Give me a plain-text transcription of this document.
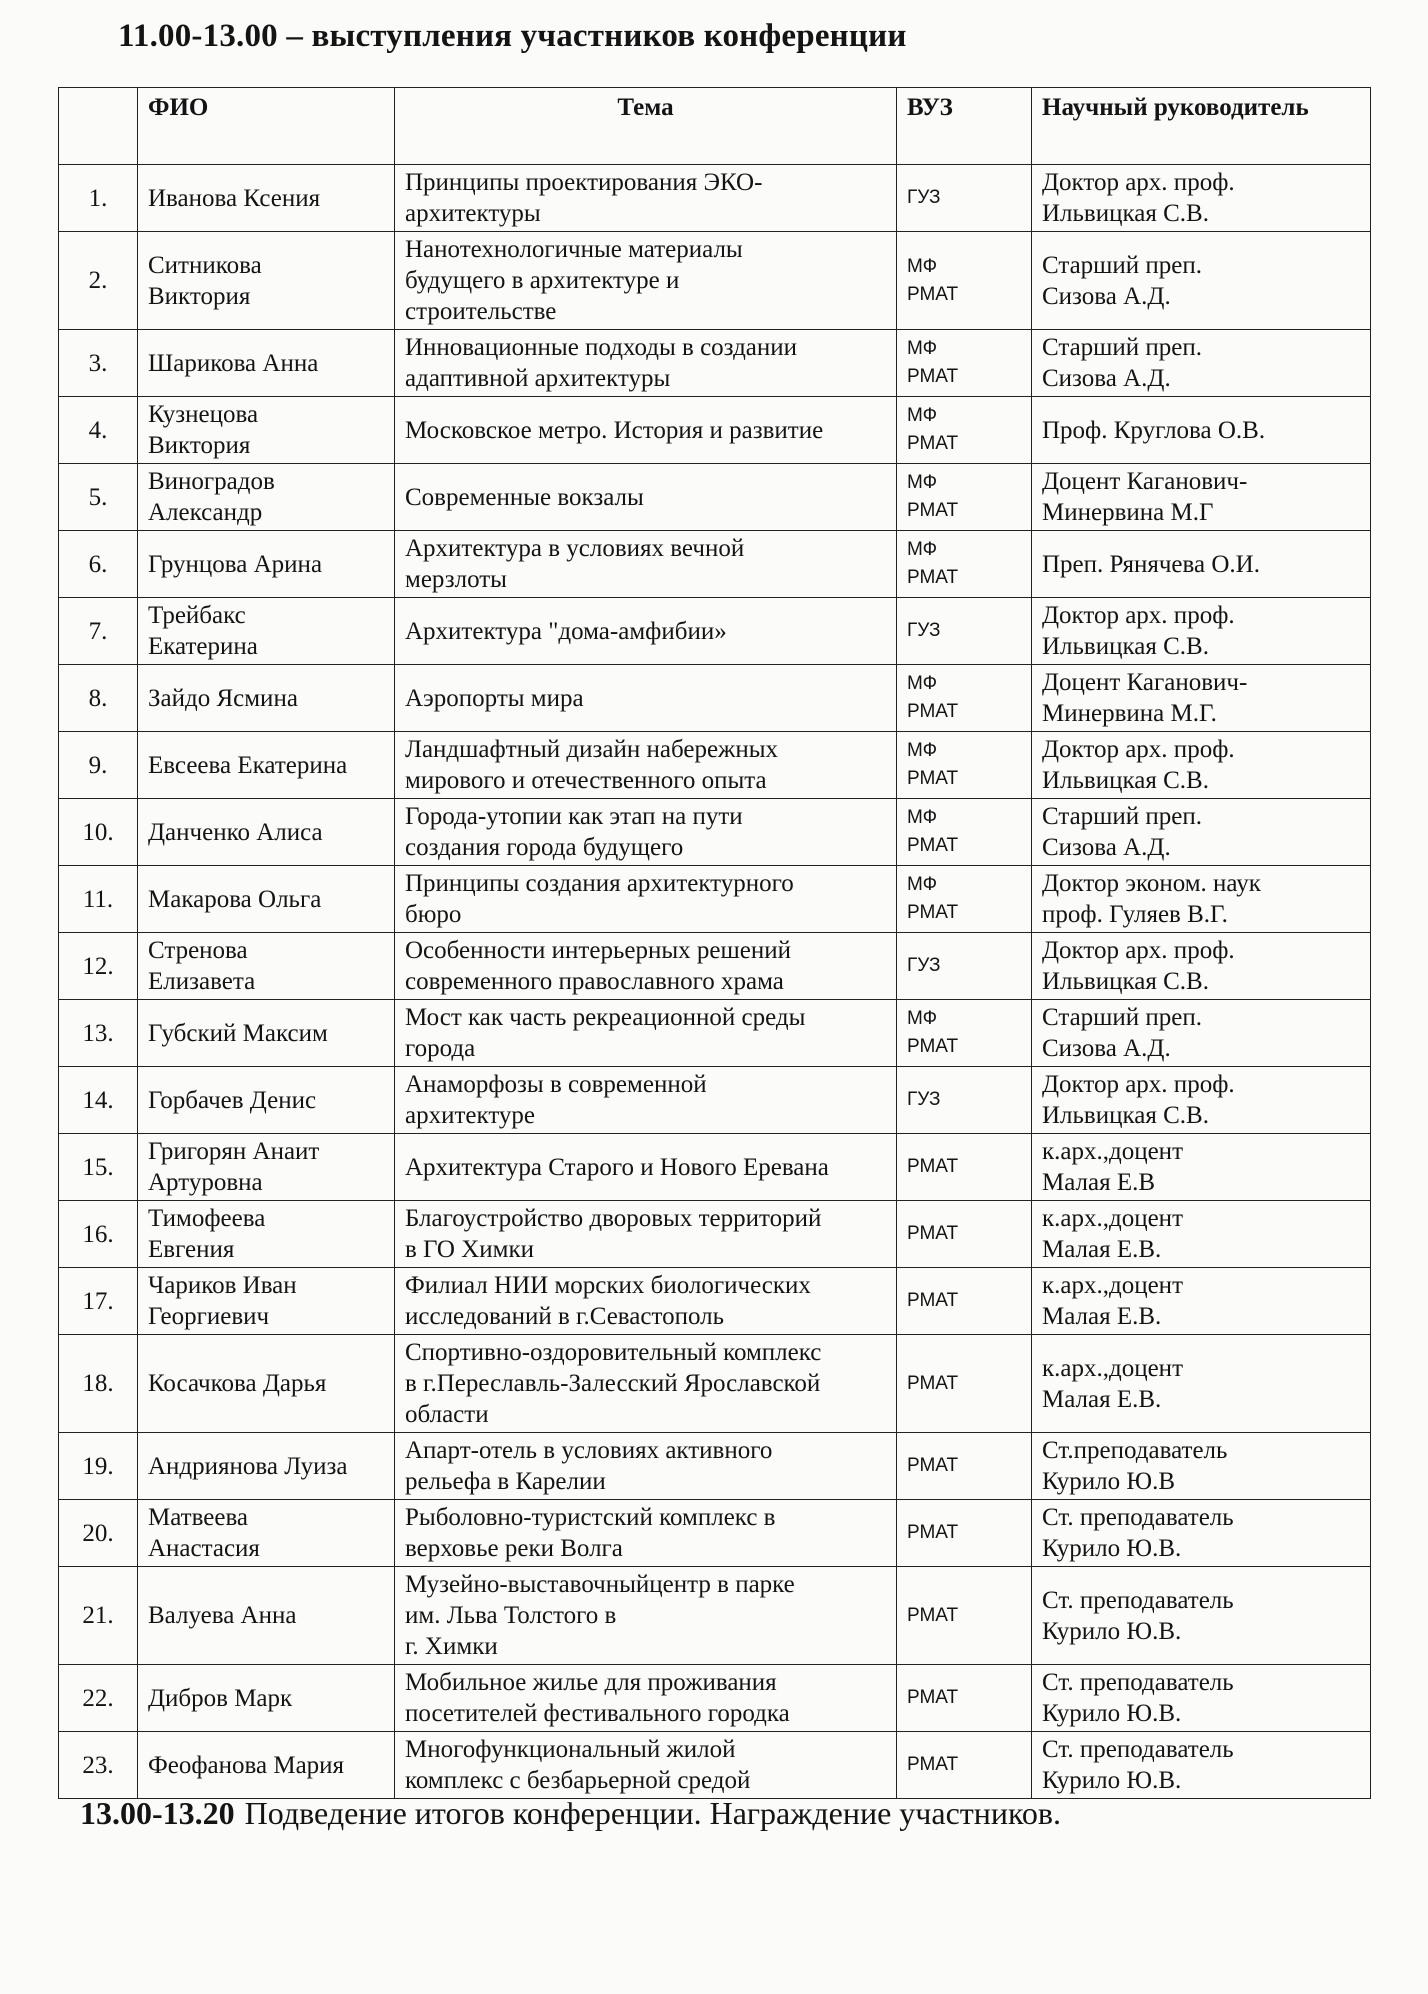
11.00-13.00 – выступления участников конференции
	ФИО	Тема	ВУЗ	Научный руководитель
1.	Иванова Ксения	Принципы проектирования ЭКО-
архитектуры	ГУЗ	Доктор арх. проф.
Ильвицкая С.В.
2.	Ситникова
Виктория	Нанотехнологичные материалы
будущего в архитектуре и
строительстве	МФ
РМАТ	Старший преп.
Сизова А.Д.
3.	Шарикова Анна	Инновационные подходы в создании
адаптивной архитектуры	МФ
РМАТ	Старший преп.
Сизова А.Д.
4.	Кузнецова
Виктория	Московское метро. История и развитие	МФ
РМАТ	Проф. Круглова О.В.
5.	Виноградов
Александр	Современные вокзалы	МФ
РМАТ	Доцент Каганович-
Минервина М.Г
6.	Грунцова Арина	Архитектура в условиях вечной
мерзлоты	МФ
РМАТ	Преп. Рянячева О.И.
7.	Трейбакс
Екатерина	Архитектура "дома-амфибии»	ГУЗ	Доктор арх. проф.
Ильвицкая С.В.
8.	Зайдо Ясмина	Аэропорты мира	МФ
РМАТ	Доцент Каганович-
Минервина М.Г.
9.	Евсеева Екатерина	Ландшафтный дизайн набережных
мирового и отечественного опыта	МФ
РМАТ	Доктор арх. проф.
Ильвицкая С.В.
10.	Данченко Алиса	Города-утопии как этап на пути
создания города будущего	МФ
РМАТ	Старший преп.
Сизова А.Д.
11.	Макарова Ольга	Принципы создания архитектурного
бюро	МФ
РМАТ	Доктор эконом. наук
проф. Гуляев В.Г.
12.	Стренова
Елизавета	Особенности интерьерных решений
современного православного храма	ГУЗ	Доктор арх. проф.
Ильвицкая С.В.
13.	Губский Максим	Мост как часть рекреационной среды
города	МФ
РМАТ	Старший преп.
Сизова А.Д.
14.	Горбачев Денис	Анаморфозы в современной
архитектуре	ГУЗ	Доктор арх. проф.
Ильвицкая С.В.
15.	Григорян Анаит
Артуровна	Архитектура Старого и Нового Еревана	РМАТ	к.арх.,доцент
Малая Е.В
16.	Тимофеева
Евгения	Благоустройство дворовых территорий
в ГО Химки	РМАТ	к.арх.,доцент
Малая Е.В.
17.	Чариков Иван
Георгиевич	Филиал НИИ морских биологических
исследований в г.Севастополь	РМАТ	к.арх.,доцент
Малая Е.В.
18.	Косачкова Дарья	Спортивно-оздоровительный комплекс
в г.Переславль-Залесский Ярославской
области	РМАТ	к.арх.,доцент
Малая Е.В.
19.	Андриянова Луиза	Апарт-отель в условиях активного
рельефа в Карелии	РМАТ	Ст.преподаватель
Курило Ю.В
20.	Матвеева
Анастасия	Рыболовно-туристский комплекс в
верховье реки Волга	РМАТ	Ст. преподаватель
Курило Ю.В.
21.	Валуева Анна	Музейно-выставочныйцентр в парке
им. Льва Толстого в
г. Химки	РМАТ	Ст. преподаватель
Курило Ю.В.
22.	Дибров Марк	Мобильное жилье для проживания
посетителей фестивального городка	РМАТ	Ст. преподаватель
Курило Ю.В.
23.	Феофанова Мария	Многофункциональный жилой
комплекс с безбарьерной средой	РМАТ	Ст. преподаватель
Курило Ю.В.
13.00-13.20 Подведение итогов конференции. Награждение участников.
